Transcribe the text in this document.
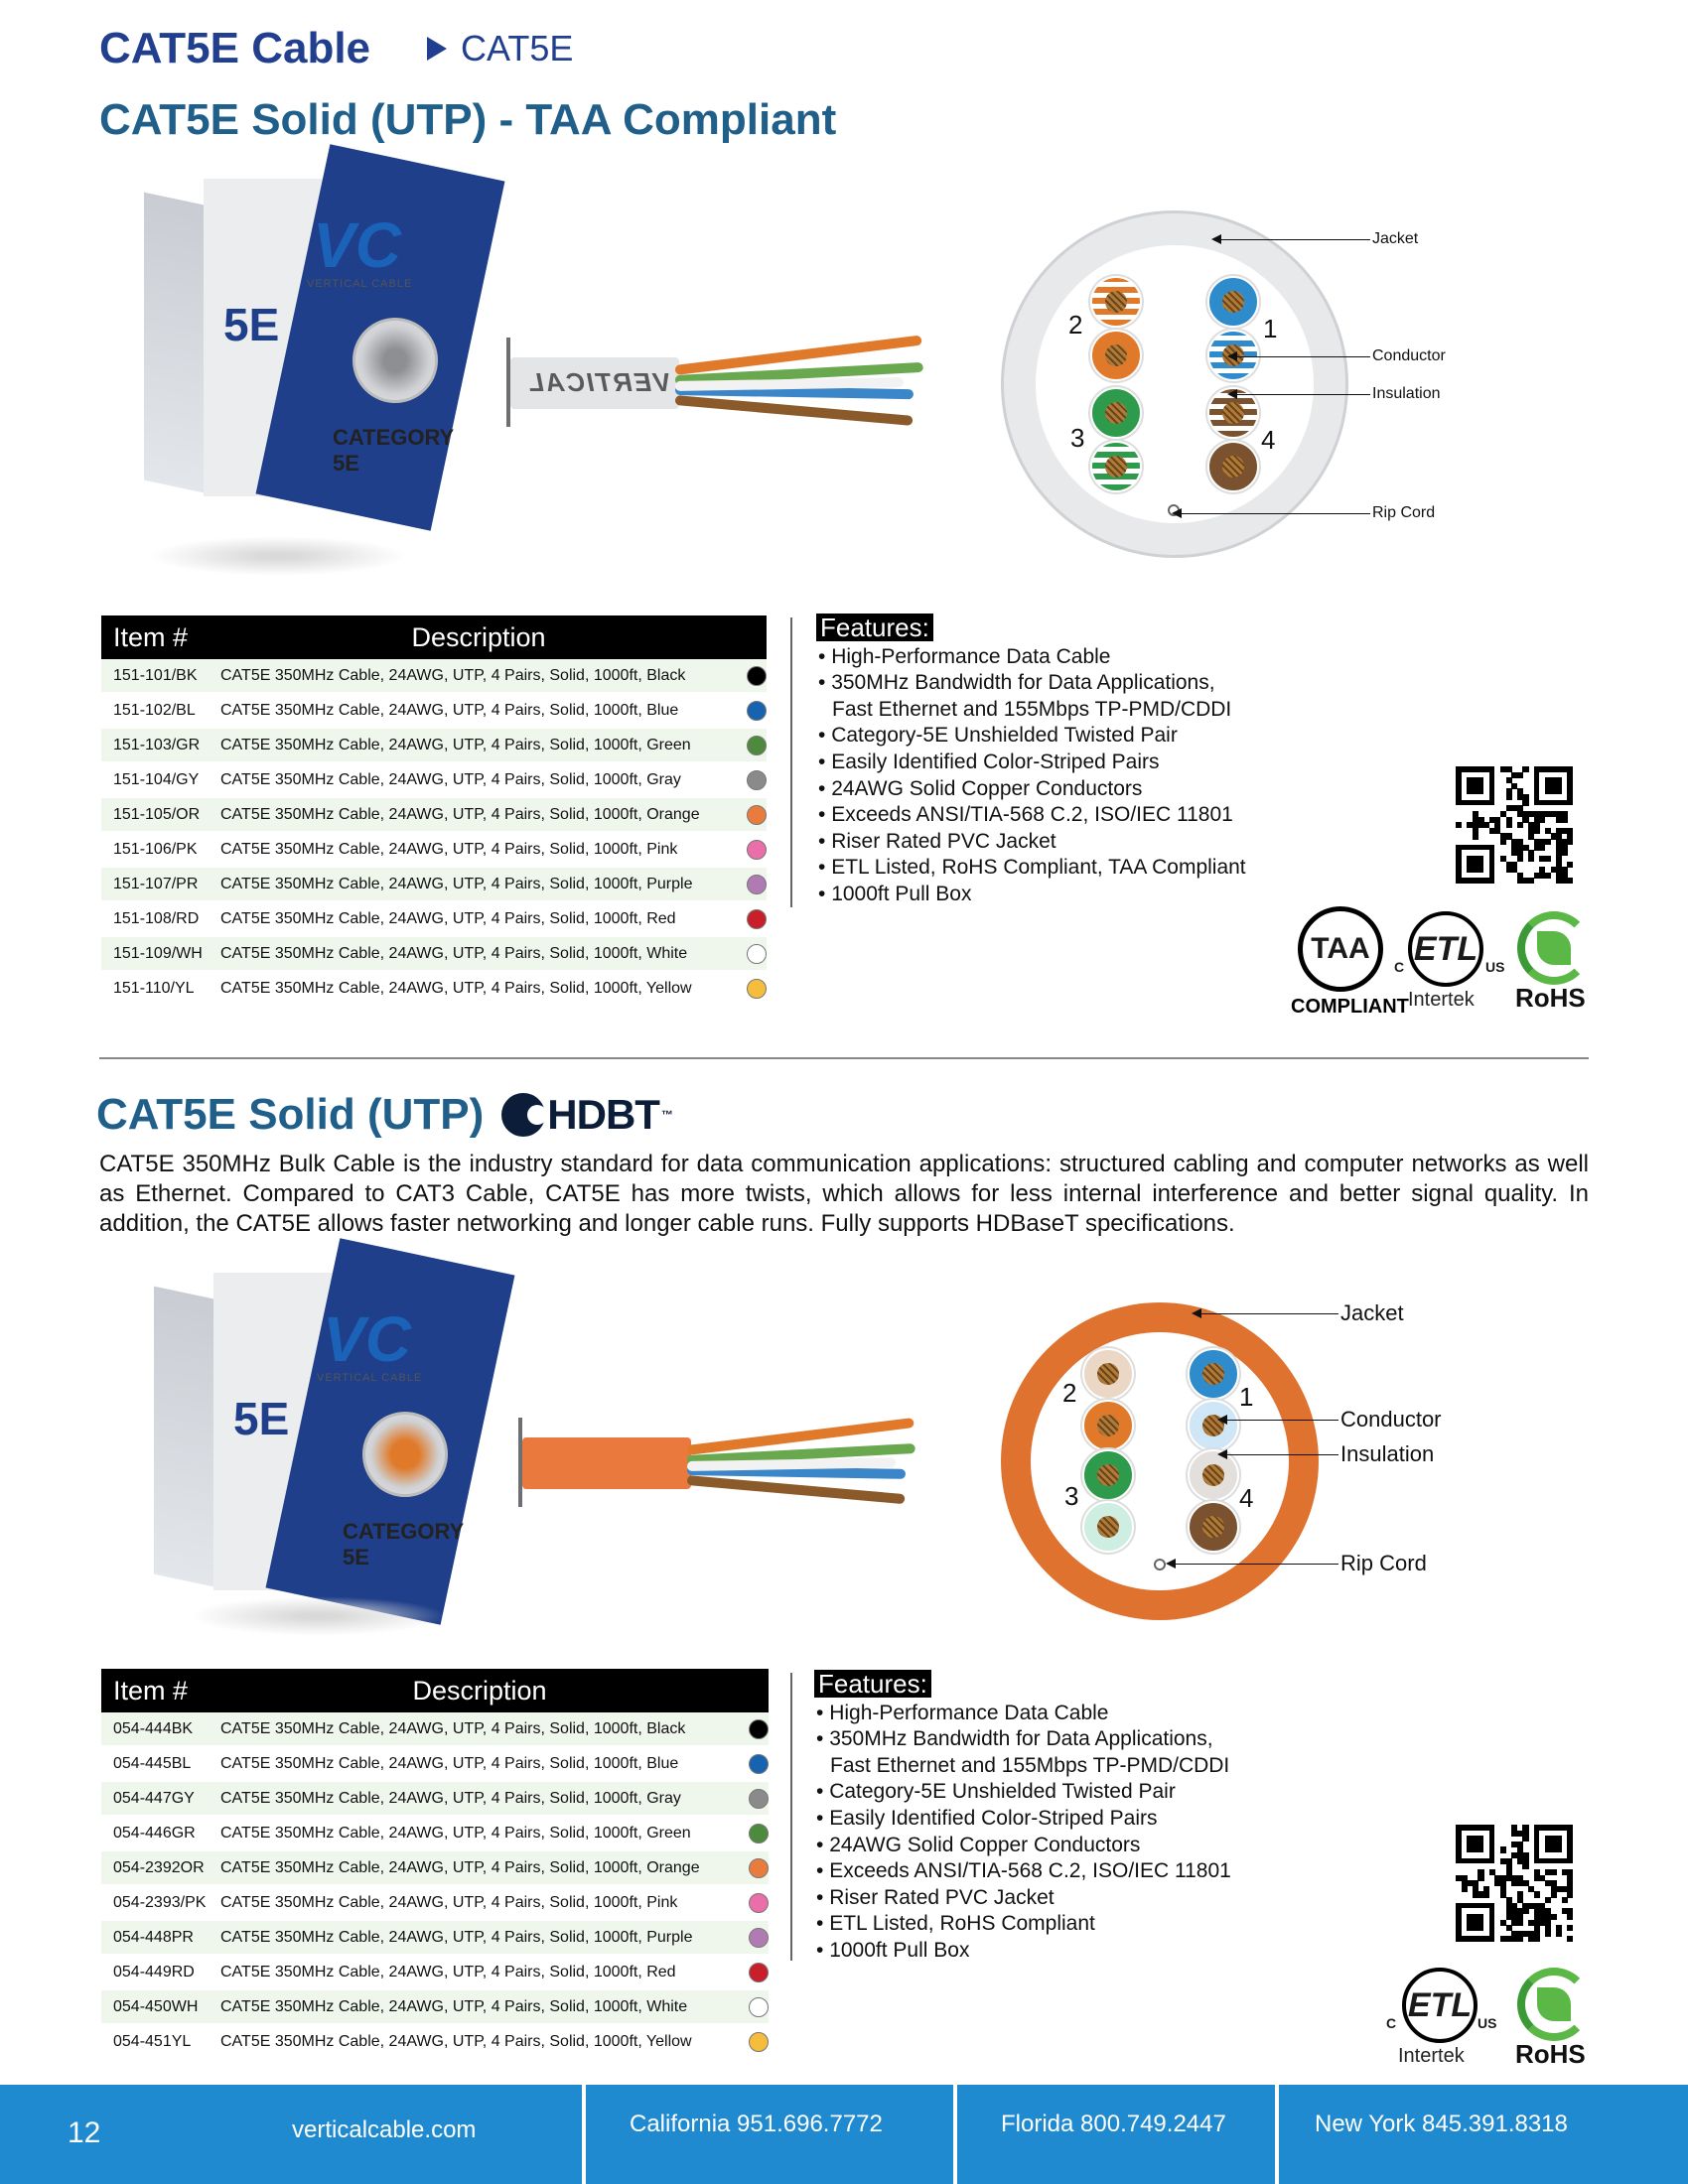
CAT5E Cable	CAT5E
CAT5E Solid (UTP) - TAA Compliant
VC
VERTICAL CABLE
5E
CATEGORY 5E
VERTICAL
2	1
3	4
Jacket
Conductor
Insulation
Rip Cord
Item #	Description
151-101/BK	CAT5E 350MHz Cable, 24AWG, UTP, 4 Pairs, Solid, 1000ft, Black
151-102/BL	CAT5E 350MHz Cable, 24AWG, UTP, 4 Pairs, Solid, 1000ft, Blue
151-103/GR	CAT5E 350MHz Cable, 24AWG, UTP, 4 Pairs, Solid, 1000ft, Green
151-104/GY	CAT5E 350MHz Cable, 24AWG, UTP, 4 Pairs, Solid, 1000ft, Gray
151-105/OR	CAT5E 350MHz Cable, 24AWG, UTP, 4 Pairs, Solid, 1000ft, Orange
151-106/PK	CAT5E 350MHz Cable, 24AWG, UTP, 4 Pairs, Solid, 1000ft, Pink
151-107/PR	CAT5E 350MHz Cable, 24AWG, UTP, 4 Pairs, Solid, 1000ft, Purple
151-108/RD	CAT5E 350MHz Cable, 24AWG, UTP, 4 Pairs, Solid, 1000ft, Red
151-109/WH	CAT5E 350MHz Cable, 24AWG, UTP, 4 Pairs, Solid, 1000ft, White
151-110/YL	CAT5E 350MHz Cable, 24AWG, UTP, 4 Pairs, Solid, 1000ft, Yellow
Features:
• High-Performance Data Cable
• 350MHz Bandwidth for Data Applications,
Fast Ethernet and 155Mbps TP-PMD/CDDI
• Category-5E Unshielded Twisted Pair
• Easily Identified Color-Striped Pairs
• 24AWG Solid Copper Conductors
• Exceeds ANSI/TIA-568 C.2, ISO/IEC 11801
• Riser Rated PVC Jacket
• ETL Listed, RoHS Compliant, TAA Compliant
• 1000ft Pull Box
TAA
COMPLIANT
ETL
C	US
Intertek RoHS
CAT5E Solid (UTP) HDBT ™
CAT5E 350MHz Bulk Cable is the industry standard for data communication applications: structured cabling and computer networks as well as Ethernet. Compared to CAT3 Cable, CAT5E has more twists, which allows for less internal interference and better signal quality. In addition, the CAT5E allows faster networking and longer cable runs. Fully supports HDBaseT specifications.
VC
VERTICAL CABLE
5E
CATEGORY 5E
2	1
3	4
Jacket
Conductor
Insulation
Rip Cord
Item #	Description
054-444BK	CAT5E 350MHz Cable, 24AWG, UTP, 4 Pairs, Solid, 1000ft, Black
054-445BL	CAT5E 350MHz Cable, 24AWG, UTP, 4 Pairs, Solid, 1000ft, Blue
054-447GY	CAT5E 350MHz Cable, 24AWG, UTP, 4 Pairs, Solid, 1000ft, Gray
054-446GR	CAT5E 350MHz Cable, 24AWG, UTP, 4 Pairs, Solid, 1000ft, Green
054-2392OR	CAT5E 350MHz Cable, 24AWG, UTP, 4 Pairs, Solid, 1000ft, Orange
054-2393/PK CAT5E 350MHz Cable, 24AWG, UTP, 4 Pairs, Solid, 1000ft, Pink
054-448PR	CAT5E 350MHz Cable, 24AWG, UTP, 4 Pairs, Solid, 1000ft, Purple
054-449RD	CAT5E 350MHz Cable, 24AWG, UTP, 4 Pairs, Solid, 1000ft, Red
054-450WH	CAT5E 350MHz Cable, 24AWG, UTP, 4 Pairs, Solid, 1000ft, White
054-451YL	CAT5E 350MHz Cable, 24AWG, UTP, 4 Pairs, Solid, 1000ft, Yellow
Features:
• High-Performance Data Cable
• 350MHz Bandwidth for Data Applications,
Fast Ethernet and 155Mbps TP-PMD/CDDI
• Category-5E Unshielded Twisted Pair
• Easily Identified Color-Striped Pairs
• 24AWG Solid Copper Conductors
• Exceeds ANSI/TIA-568 C.2, ISO/IEC 11801
• Riser Rated PVC Jacket
• ETL Listed, RoHS Compliant
• 1000ft Pull Box
ETL
C	US
Intertek RoHS
12	verticalcable.com	California 951.696.7772	Florida 800.749.2447	New York 845.391.8318
